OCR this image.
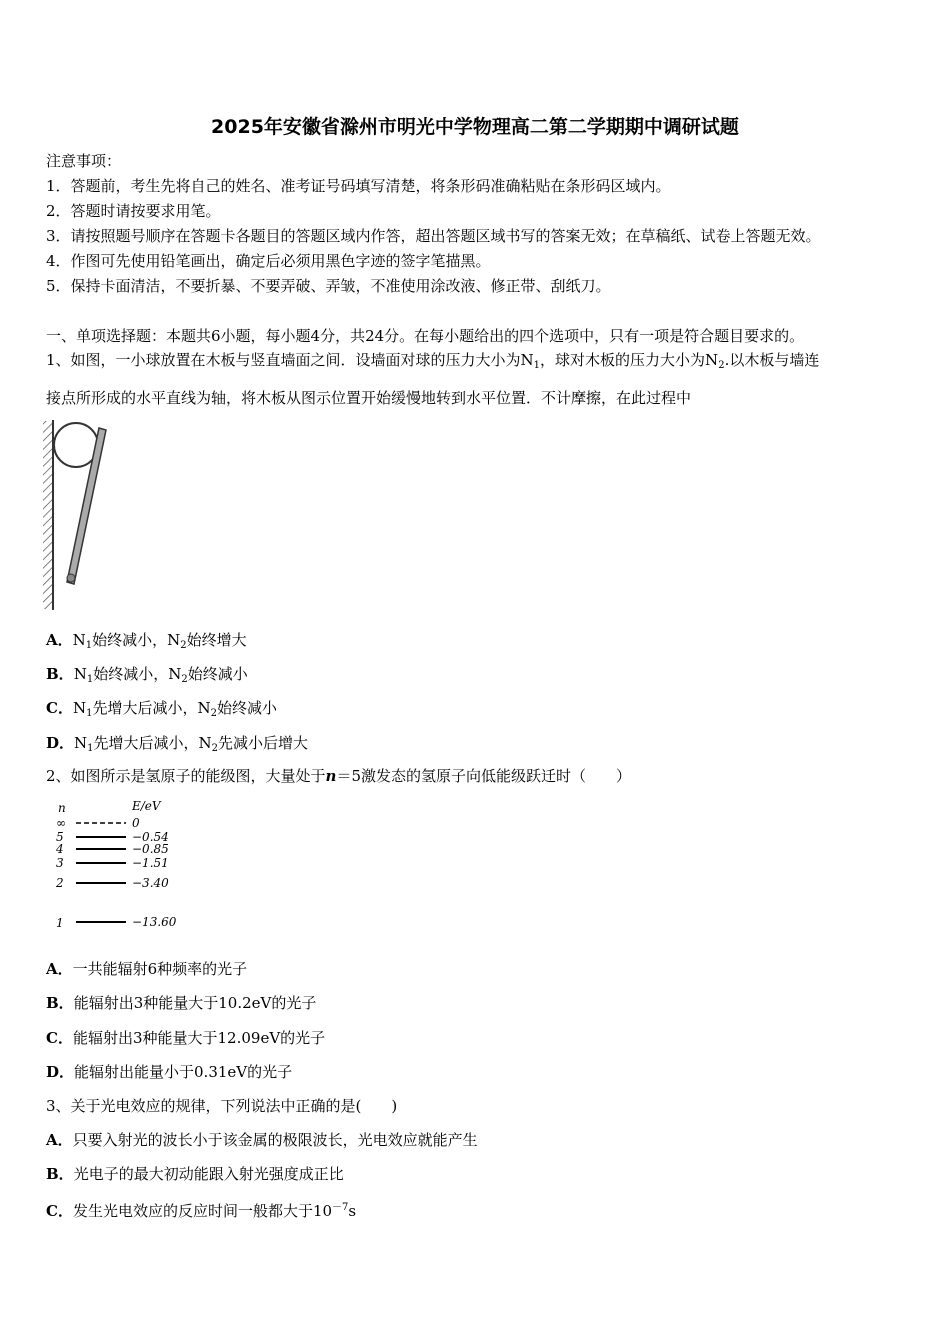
2025年安徽省滁州市明光中学物理高二第二学期期中调研试题
注意事项：
1．答题前，考生先将自己的姓名、准考证号码填写清楚，将条形码准确粘贴在条形码区域内。
2．答题时请按要求用笔。
3．请按照题号顺序在答题卡各题目的答题区域内作答，超出答题区域书写的答案无效；在草稿纸、试卷上答题无效。
4．作图可先使用铅笔画出，确定后必须用黑色字迹的签字笔描黑。
5．保持卡面清洁，不要折暴、不要弄破、弄皱，不准使用涂改液、修正带、刮纸刀。
一、单项选择题：本题共6小题，每小题4分，共24分。在每小题给出的四个选项中，只有一项是符合题目要求的。
1、如图，一小球放置在木板与竖直墙面之间．设墙面对球的压力大小为$N_1$，球对木板的压力大小为$N_2$.以木板与墙连
接点所形成的水平直线为轴，将木板从图示位置开始缓慢地转到水平位置．不计摩擦，在此过程中
A．$N_1$始终减小，$N_2$始终增大
B．$N_1$始终减小，$N_2$始终减小
C．$N_1$先增大后减小，$N_2$始终减小
D．$N_1$先增大后减小，$N_2$先减小后增大
2、如图所示是氢原子的能级图，大量处于n＝5激发态的氢原子向低能级跃迁时（　　）
n	E/eV
∞	0
5	−0.54
4	−0.85
3	−1.51
2	−3.40
1	−13.60
A．一共能辐射6种频率的光子
B．能辐射出3种能量大于10.2eV的光子
C．能辐射出3种能量大于12.09eV的光子
D．能辐射出能量小于0.31eV的光子
3、关于光电效应的规律，下列说法中正确的是(　　)
A．只要入射光的波长小于该金属的极限波长，光电效应就能产生
B．光电子的最大初动能跟入射光强度成正比
C．发生光电效应的反应时间一般都大于$10^{-7}s$
